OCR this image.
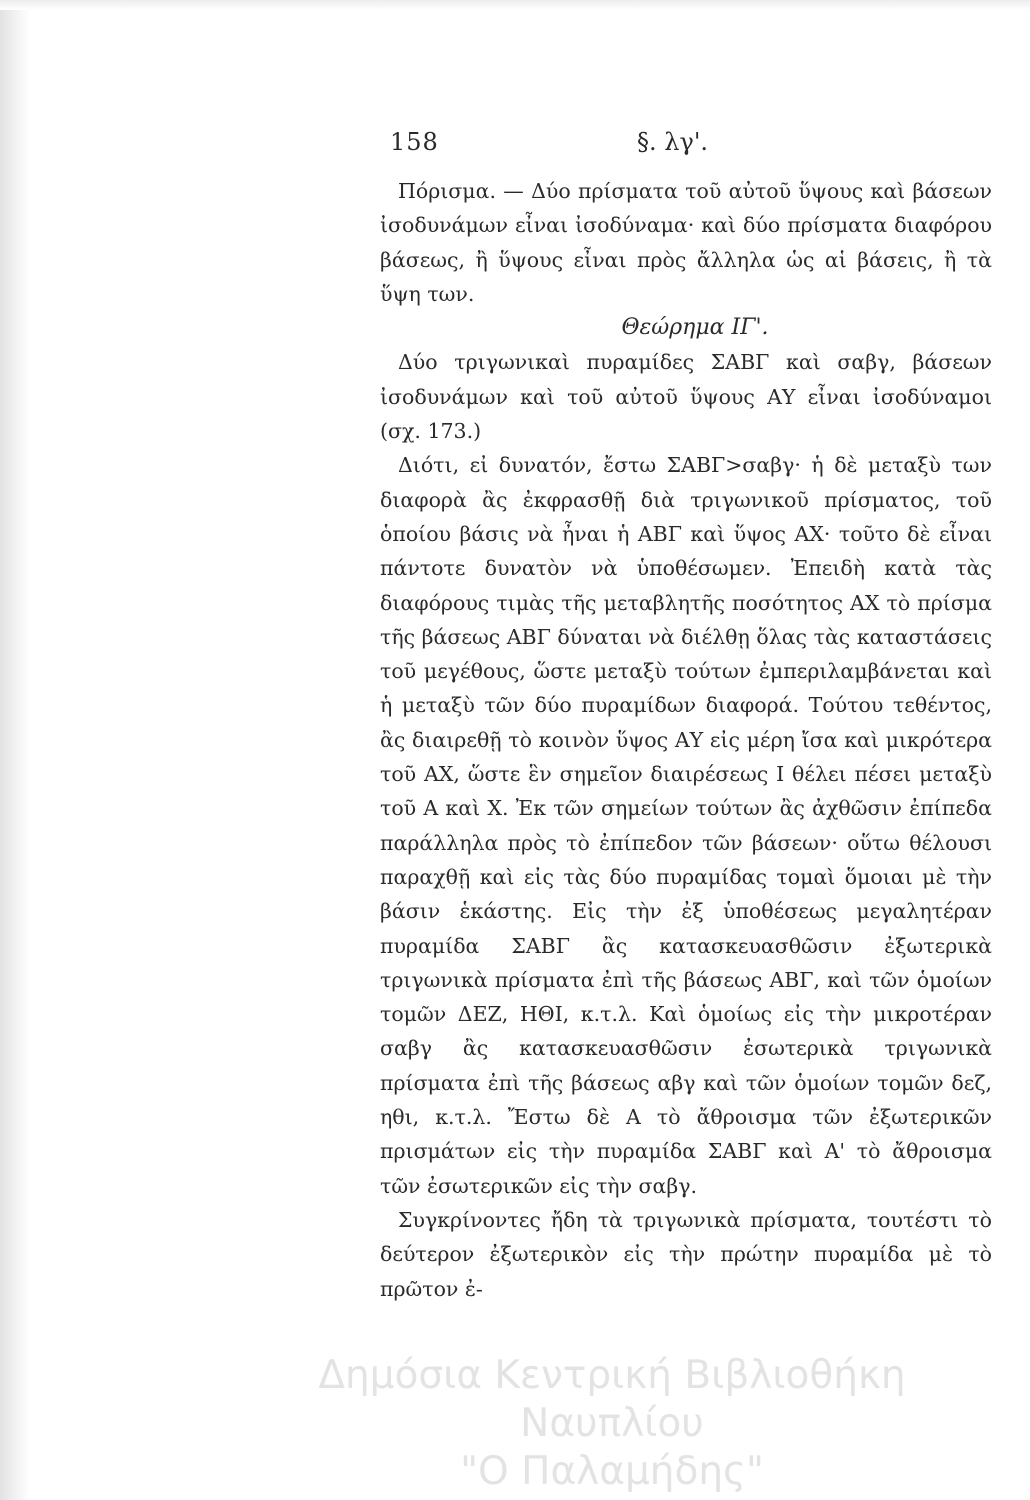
158	§. λγ'.

Πόρισμα. — Δύο πρίσματα τοῦ αὐτοῦ ὕψους καὶ βάσεων ἰσοδυνάμων εἶναι ἰσοδύναμα· καὶ δύο πρίσματα διαφόρου βάσεως, ἢ ὕψους εἶναι πρὸς ἄλληλα ὡς αἱ βάσεις, ἢ τὰ ὕψη των.

Θεώρημα ΙΓ'.

Δύο τριγωνικαὶ πυραμίδες ΣΑΒΓ καὶ σαβγ, βάσεων ἰσοδυνάμων καὶ τοῦ αὐτοῦ ὕψους ΑΥ εἶναι ἰσοδύναμοι (σχ. 173.)

Διότι, εἰ δυνατόν, ἔστω ΣΑΒΓ>σαβγ· ἡ δὲ μεταξὺ των διαφορὰ ἂς ἐκφρασθῇ διὰ τριγωνικοῦ πρίσματος, τοῦ ὁποίου βάσις νὰ ἦναι ἡ ΑΒΓ καὶ ὕψος ΑΧ· τοῦτο δὲ εἶναι πάντοτε δυνατὸν νὰ ὑποθέσωμεν. Ἐπειδὴ κατὰ τὰς διαφόρους τιμὰς τῆς μεταβλητῆς ποσότητος ΑΧ τὸ πρίσμα τῆς βάσεως ΑΒΓ δύναται νὰ διέλθῃ ὅλας τὰς καταστάσεις τοῦ μεγέθους, ὥστε μεταξὺ τούτων ἐμπεριλαμβάνεται καὶ ἡ μεταξὺ τῶν δύο πυραμίδων διαφορά. Τούτου τεθέντος, ἂς διαιρεθῇ τὸ κοινὸν ὕψος ΑΥ εἰς μέρη ἴσα καὶ μικρότερα τοῦ ΑΧ, ὥστε ἓν σημεῖον διαιρέσεως Ι θέλει πέσει μεταξὺ τοῦ Α καὶ Χ. Ἐκ τῶν σημείων τούτων ἂς ἀχθῶσιν ἐπίπεδα παράλληλα πρὸς τὸ ἐπίπεδον τῶν βάσεων· οὕτω θέλουσι παραχθῇ καὶ εἰς τὰς δύο πυραμίδας τομαὶ ὅμοιαι μὲ τὴν βάσιν ἑκάστης. Εἰς τὴν ἐξ ὑποθέσεως μεγαλητέραν πυραμίδα ΣΑΒΓ ἂς κατασκευασθῶσιν ἐξωτερικὰ τριγωνικὰ πρίσματα ἐπὶ τῆς βάσεως ΑΒΓ, καὶ τῶν ὁμοίων τομῶν ΔΕΖ, ΗΘΙ, κ.τ.λ. Καὶ ὁμοίως εἰς τὴν μικροτέραν σαβγ ἂς κατασκευασθῶσιν ἐσωτερικὰ τριγωνικὰ πρίσματα ἐπὶ τῆς βάσεως αβγ καὶ τῶν ὁμοίων τομῶν δεζ, ηθι, κ.τ.λ. Ἔστω δὲ Α τὸ ἄθροισμα τῶν ἐξωτερικῶν πρισμάτων εἰς τὴν πυραμίδα ΣΑΒΓ καὶ Α' τὸ ἄθροισμα τῶν ἐσωτερικῶν εἰς τὴν σαβγ.

Συγκρίνοντες ἤδη τὰ τριγωνικὰ πρίσματα, τουτέστι τὸ δεύτερον ἐξωτερικὸν εἰς τὴν πρώτην πυραμίδα μὲ τὸ πρῶτον ἐ-

Δημόσια Κεντρική Βιβλιοθήκη Ναυπλίου
"Ο Παλαμήδης"
